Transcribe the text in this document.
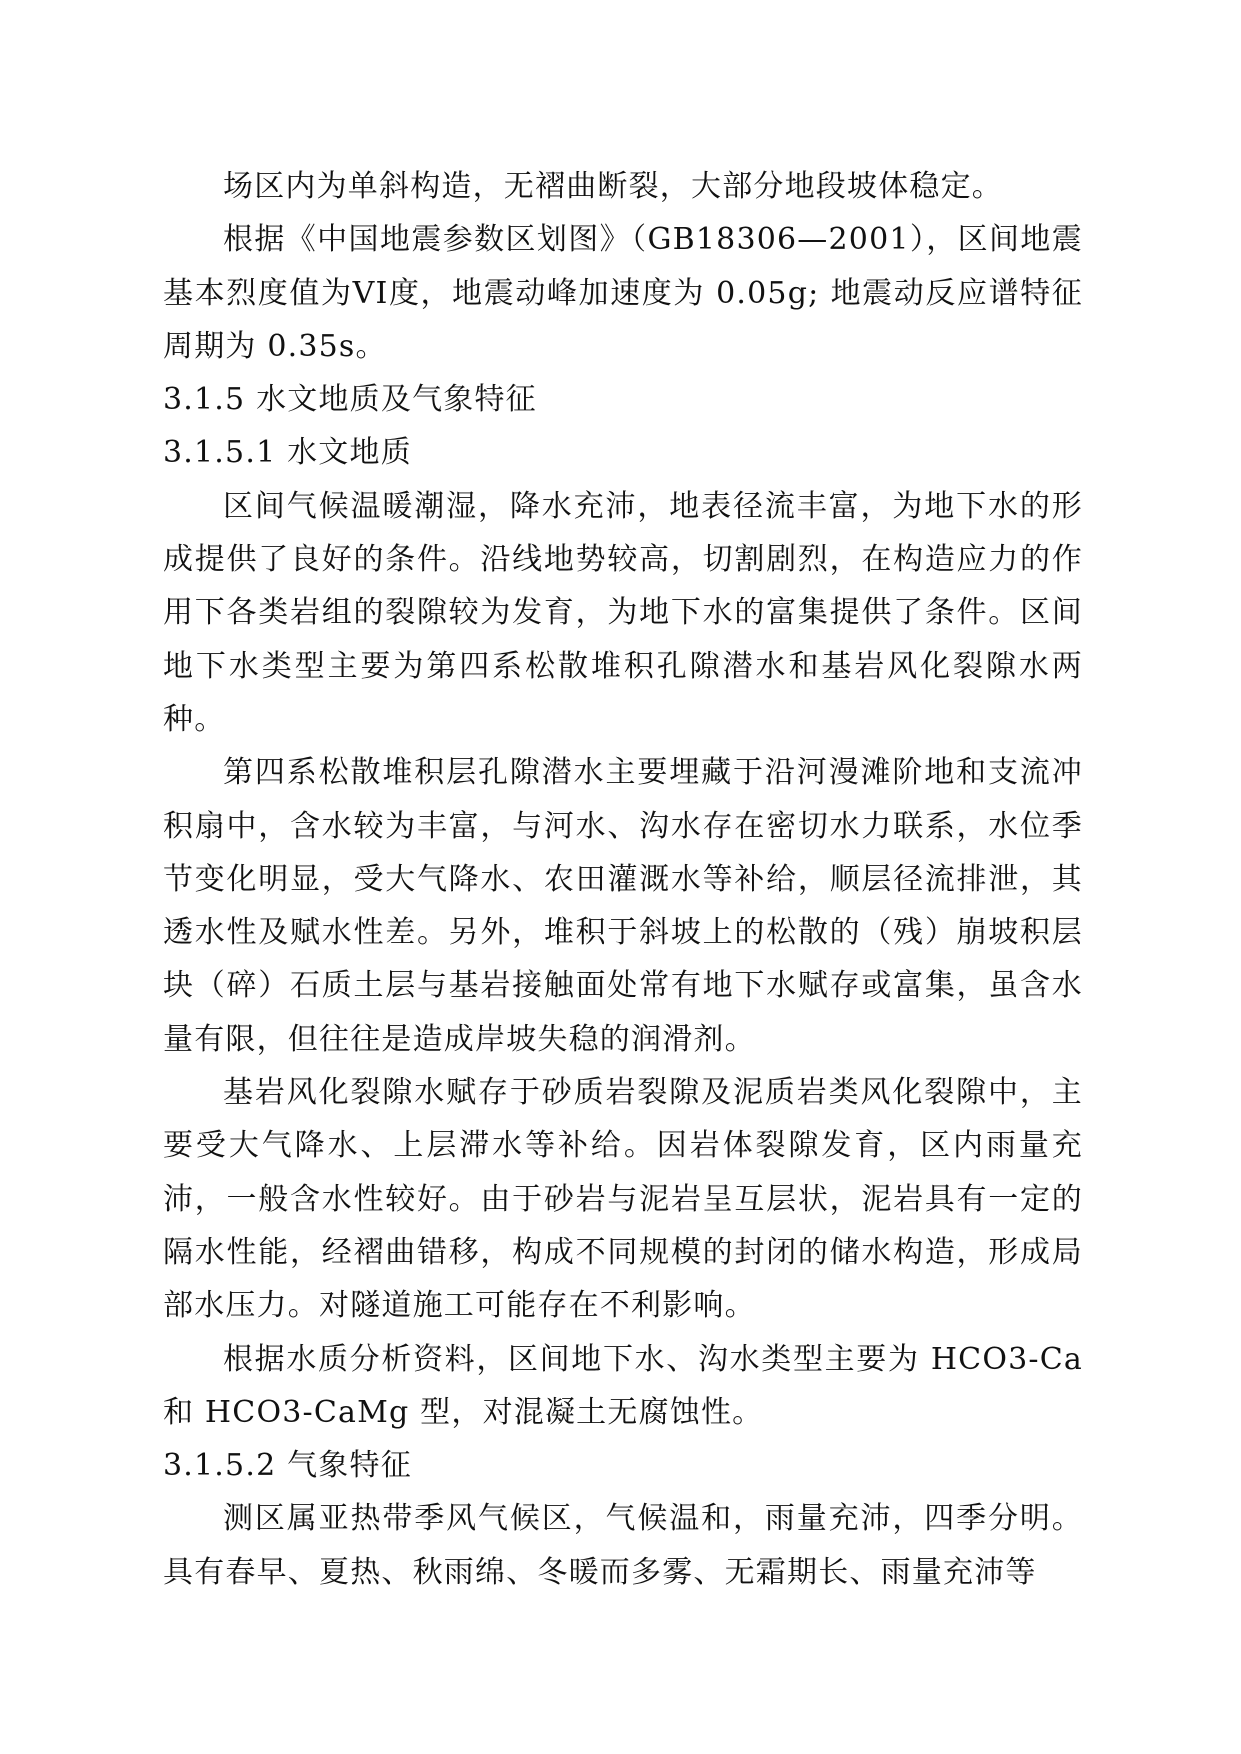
场区内为单斜构造，无褶曲断裂，大部分地段坡体稳定。

根据《中国地震参数区划图》（GB18306—2001），区间地震基本烈度值为VI度，地震动峰加速度为 0.05g; 地震动反应谱特征周期为 0.35s。

3.1.5 水文地质及气象特征

3.1.5.1 水文地质

区间气候温暖潮湿，降水充沛，地表径流丰富，为地下水的形成提供了良好的条件。沿线地势较高，切割剧烈，在构造应力的作用下各类岩组的裂隙较为发育，为地下水的富集提供了条件。区间地下水类型主要为第四系松散堆积孔隙潜水和基岩风化裂隙水两种。

第四系松散堆积层孔隙潜水主要埋藏于沿河漫滩阶地和支流冲积扇中，含水较为丰富，与河水、沟水存在密切水力联系，水位季节变化明显，受大气降水、农田灌溉水等补给，顺层径流排泄，其透水性及赋水性差。另外，堆积于斜坡上的松散的（残）崩坡积层块（碎）石质土层与基岩接触面处常有地下水赋存或富集，虽含水量有限，但往往是造成岸坡失稳的润滑剂。

基岩风化裂隙水赋存于砂质岩裂隙及泥质岩类风化裂隙中，主要受大气降水、上层滞水等补给。因岩体裂隙发育，区内雨量充沛，一般含水性较好。由于砂岩与泥岩呈互层状，泥岩具有一定的隔水性能，经褶曲错移，构成不同规模的封闭的储水构造，形成局部水压力。对隧道施工可能存在不利影响。

根据水质分析资料，区间地下水、沟水类型主要为 HCO3-Ca 和 HCO3-CaMg 型，对混凝土无腐蚀性。

3.1.5.2 气象特征

测区属亚热带季风气候区，气候温和，雨量充沛，四季分明。具有春早、夏热、秋雨绵、冬暖而多雾、无霜期长、雨量充沛等
